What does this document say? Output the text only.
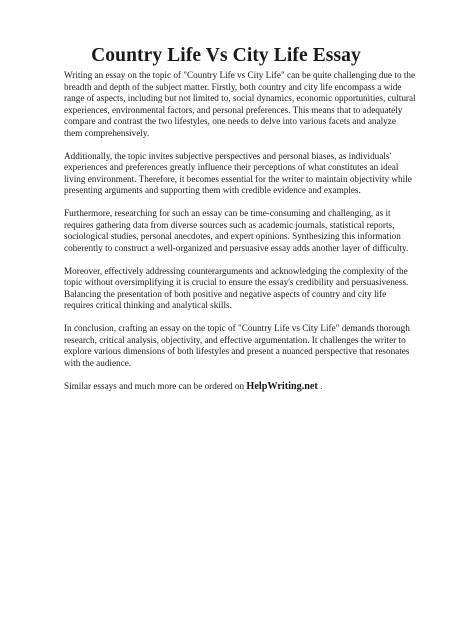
Country Life Vs City Life Essay

Writing an essay on the topic of "Country Life vs City Life" can be quite challenging due to the breadth and depth of the subject matter. Firstly, both country and city life encompass a wide range of aspects, including but not limited to, social dynamics, economic opportunities, cultural experiences, environmental factors, and personal preferences. This means that to adequately compare and contrast the two lifestyles, one needs to delve into various facets and analyze them comprehensively.

Additionally, the topic invites subjective perspectives and personal biases, as individuals' experiences and preferences greatly influence their perceptions of what constitutes an ideal living environment. Therefore, it becomes essential for the writer to maintain objectivity while presenting arguments and supporting them with credible evidence and examples.

Furthermore, researching for such an essay can be time-consuming and challenging, as it requires gathering data from diverse sources such as academic journals, statistical reports, sociological studies, personal anecdotes, and expert opinions. Synthesizing this information coherently to construct a well-organized and persuasive essay adds another layer of difficulty.

Moreover, effectively addressing counterarguments and acknowledging the complexity of the topic without oversimplifying it is crucial to ensure the essay's credibility and persuasiveness. Balancing the presentation of both positive and negative aspects of country and city life requires critical thinking and analytical skills.

In conclusion, crafting an essay on the topic of "Country Life vs City Life" demands thorough research, critical analysis, objectivity, and effective argumentation. It challenges the writer to explore various dimensions of both lifestyles and present a nuanced perspective that resonates with the audience.

Similar essays and much more can be ordered on HelpWriting.net .
